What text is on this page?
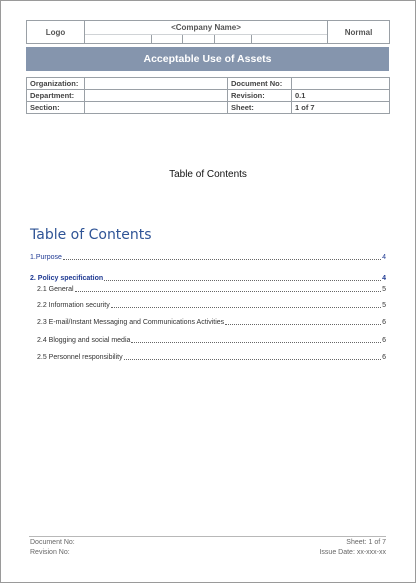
Logo	<Company Name>	Normal
Acceptable Use of Assets
Organization:		Document No:	
Department:		Revision:	0.1
Section:		Sheet:	1 of 7
Table of Contents
Table of Contents
1.Purpose	4
2. Policy specification	4
2.1 General	5
2.2 Information security	5
2.3 E-mail/Instant Messaging and Communications Activities	6
2.4 Blogging and social media	6
2.5 Personnel responsibility	6
Document No:
Revision No:
Sheet: 1 of 7
Issue Date: xx-xxx-xx
